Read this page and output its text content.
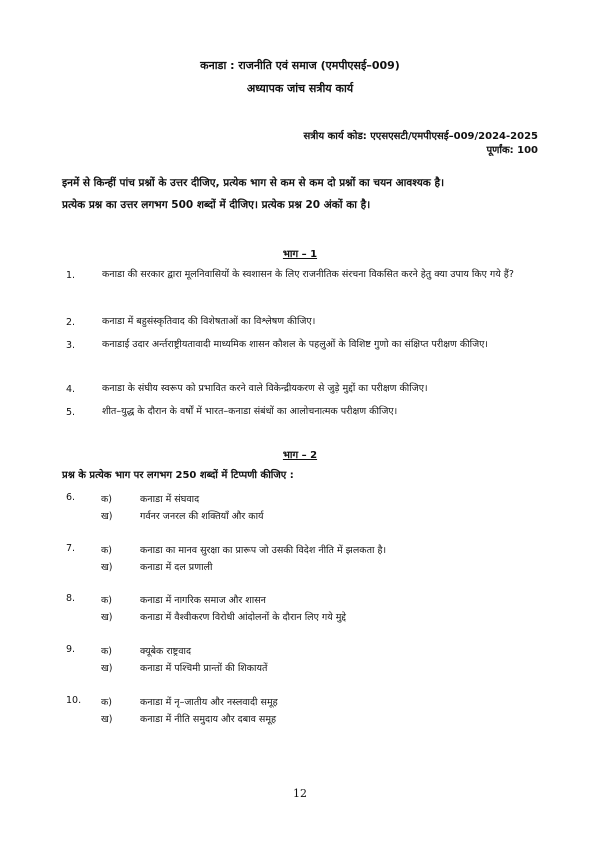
कनाडा : राजनीति एवं समाज (एमपीएसई–009)
अध्यापक जांच सत्रीय कार्य
सत्रीय कार्य कोड: एएसएसटी/एमपीएसई–009/2024-2025
पूर्णांक: 100
इनमें से किन्हीं पांच प्रश्नों के उत्तर दीजिए, प्रत्येक भाग से कम से कम दो प्रश्नों का चयन आवश्यक है।
प्रत्येक प्रश्न का उत्तर लगभग 500 शब्दों में दीजिए। प्रत्येक प्रश्न 20 अंकों का है।
भाग – 1
1.	कनाडा की सरकार द्वारा मूलनिवासियों के स्वशासन के लिए राजनीतिक संरचना विकसित करने हेतु क्या उपाय किए गये हैं?
2.	कनाडा में बहुसंस्कृतिवाद की विशेषताओं का विश्लेषण कीजिए।
3.	कनाडाई उदार अर्न्तराष्ट्रीयतावादी माध्यमिक शासन कौशल के पहलुओं के विशिष्ट गुणो का संक्षिप्त परीक्षण कीजिए।
4.	कनाडा के संघीय स्वरूप को प्रभावित करने वाले विकेन्द्रीयकरण से जुड़े मुद्दों का परीक्षण कीजिए।
5.	शीत–युद्ध के दौरान के वर्षों में भारत–कनाडा संबंधों का आलोचनात्मक परीक्षण कीजिए।
भाग – 2
प्रश्न के प्रत्येक भाग पर लगभग 250 शब्दों में टिप्पणी कीजिए :
6.	क)	कनाडा में संघवाद
ख)	गर्वनर जनरल की शक्तियाँ और कार्य
7.	क)	कनाडा का मानव सुरक्षा का प्रारूप जो उसकी विदेश नीति में झलकता है।
ख)	कनाडा में दल प्रणाली
8.	क)	कनाडा में नागरिक समाज और शासन
ख)	कनाडा में वैश्वीकरण विरोधी आंदोलनों के दौरान लिए गये मुद्दे
9.	क)	क्यूबेक राष्ट्रवाद
ख)	कनाडा में पश्चिमी प्रान्तों की शिकायतें
10. क)	कनाडा में नृ–जातीय और नस्लवादी समूह
ख)	कनाडा में नीति समुदाय और दबाव समूह
12
